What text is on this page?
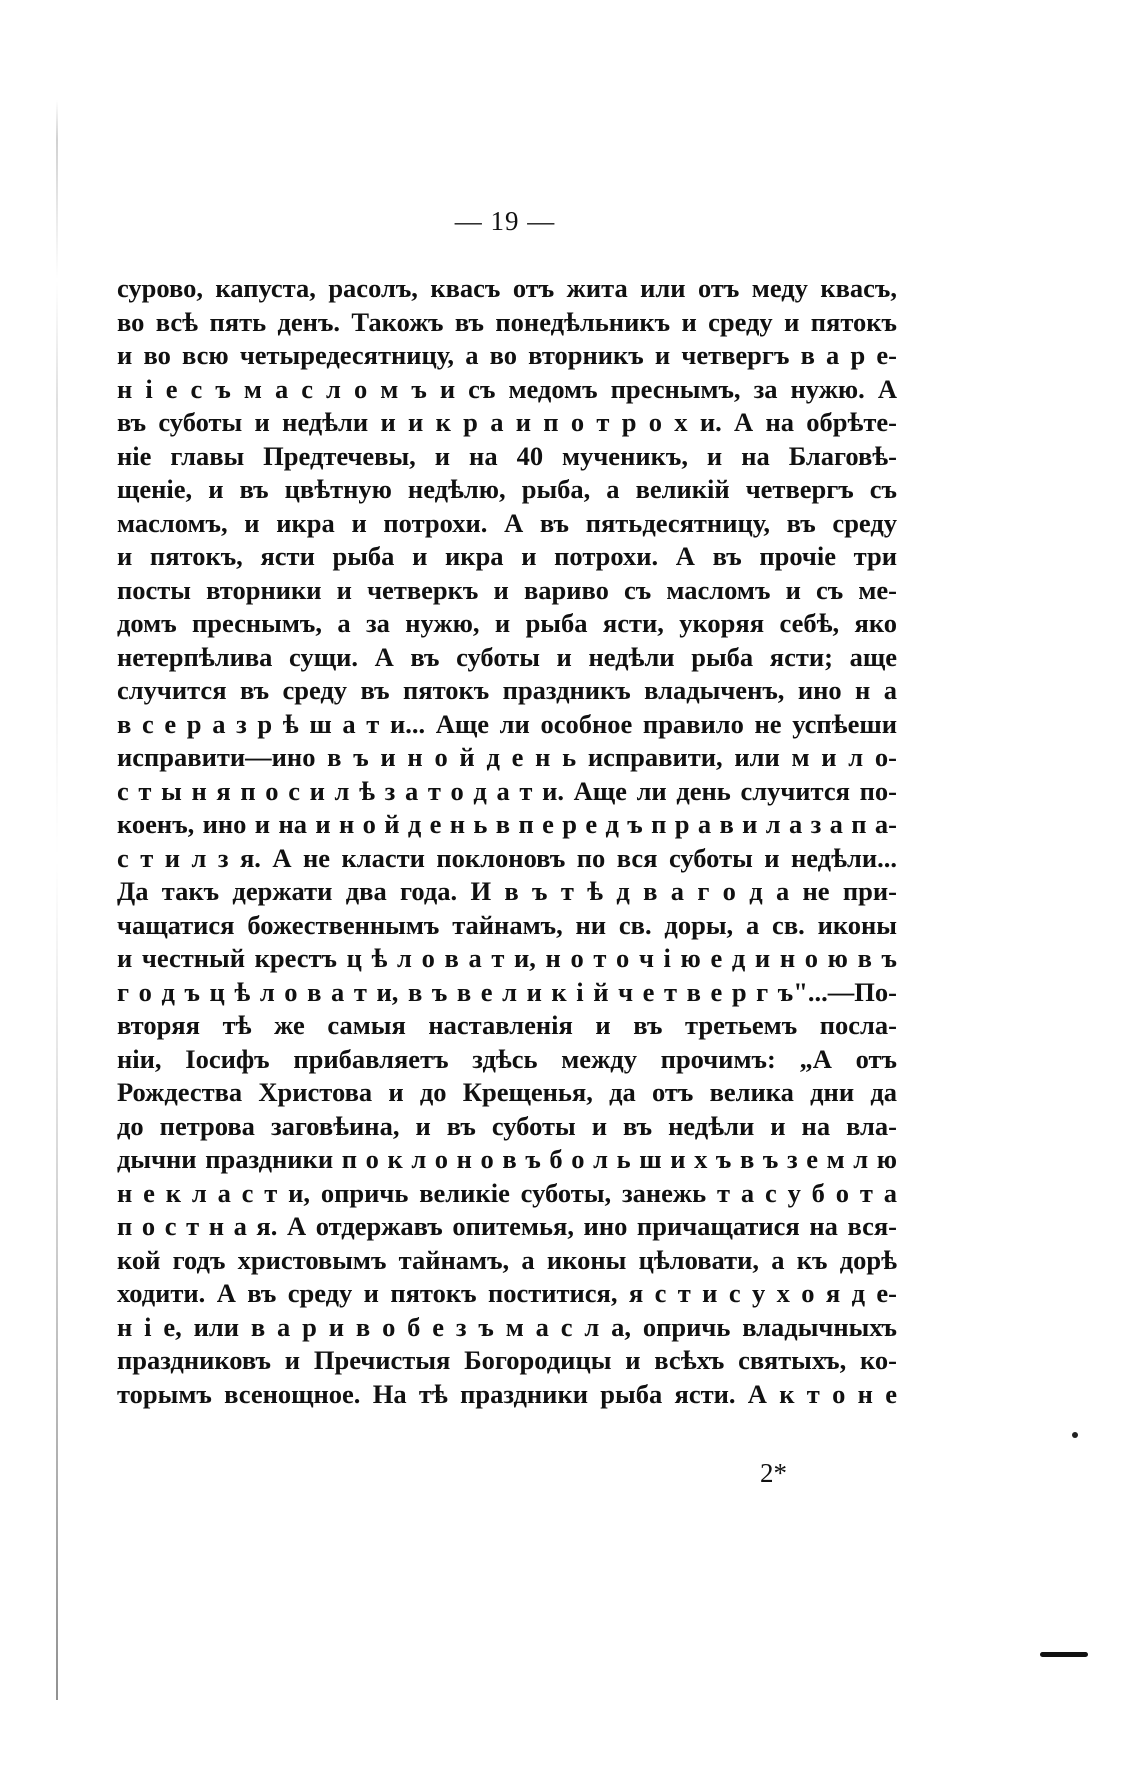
— 19 —
сурово, капуста, расолъ, квасъ отъ жита или отъ меду квасъ,
во всѣ пять денъ. Такожъ въ понедѣльникъ и среду и пятокъ
и во всю четыредесятницу, а во вторникъ и четвергъ в а р е-
н і е с ъ м а с л о м ъ и съ медомъ преснымъ, за нужю. А
въ суботы и недѣли и и к р а и п о т р о х и. А на обрѣте-
ніе главы Предтечевы, и на 40 мученикъ, и на Благовѣ-
щеніе, и въ цвѣтную недѣлю, рыба, а великій четвергъ съ
масломъ, и икра и потрохи. А въ пятьдесятницу, въ среду
и пятокъ, ясти рыба и икра и потрохи. А въ прочіе три
посты вторники и четверкъ и вариво съ масломъ и съ ме-
домъ преснымъ, а за нужю, и рыба ясти, укоряя себѣ, яко
нетерпѣлива сущи. А въ суботы и недѣли рыба ясти; аще
случится въ среду въ пятокъ праздникъ владыченъ, ино н а
в с е р а з р ѣ ш а т и... Аще ли особное правило не успѣеши
исправити—ино в ъ и н о й д е н ь исправити, или м и л о-
с т ы н я п о с и л ѣ з а т о д а т и. Аще ли день случится по-
коенъ, ино и на и н о й д е н ь в п е р е д ъ п р а в и л а з а п а-
с т и л з я. А не класти поклоновъ по вся суботы и недѣли...
Да такъ держати два года. И в ъ т ѣ д в а г о д а не при-
чащатися божественнымъ тайнамъ, ни св. доры, а св. иконы
и честный крестъ ц ѣ л о в а т и, н о т о ч і ю е д и н о ю в ъ
г о д ъ ц ѣ л о в а т и, в ъ в е л и к і й ч е т в е р г ъ"...—По-
вторяя тѣ же самыя наставленія и въ третьемъ посла-
ніи, Іосифъ прибавляетъ здѣсь между прочимъ: „А отъ
Рождества Христова и до Крещенья, да отъ велика дни да
до петрова заговѣина, и въ суботы и въ недѣли и на вла-
дычни праздники п о к л о н о в ъ б о л ь ш и х ъ в ъ з е м л ю
н е к л а с т и, опричь великіе суботы, занежь т а с у б о т а
п о с т н а я. А отдержавъ опитемья, ино причащатися на вся-
кой годъ христовымъ тайнамъ, а иконы цѣловати, а къ дорѣ
ходити. А въ среду и пятокъ поститися, я с т и с у х о я д е-
н і е, или в а р и в о б е з ъ м а с л а, опричь владычныхъ
праздниковъ и Пречистыя Богородицы и всѣхъ святыхъ, ко-
торымъ всенощное. На тѣ праздники рыба ясти. А к т о н е
2*
